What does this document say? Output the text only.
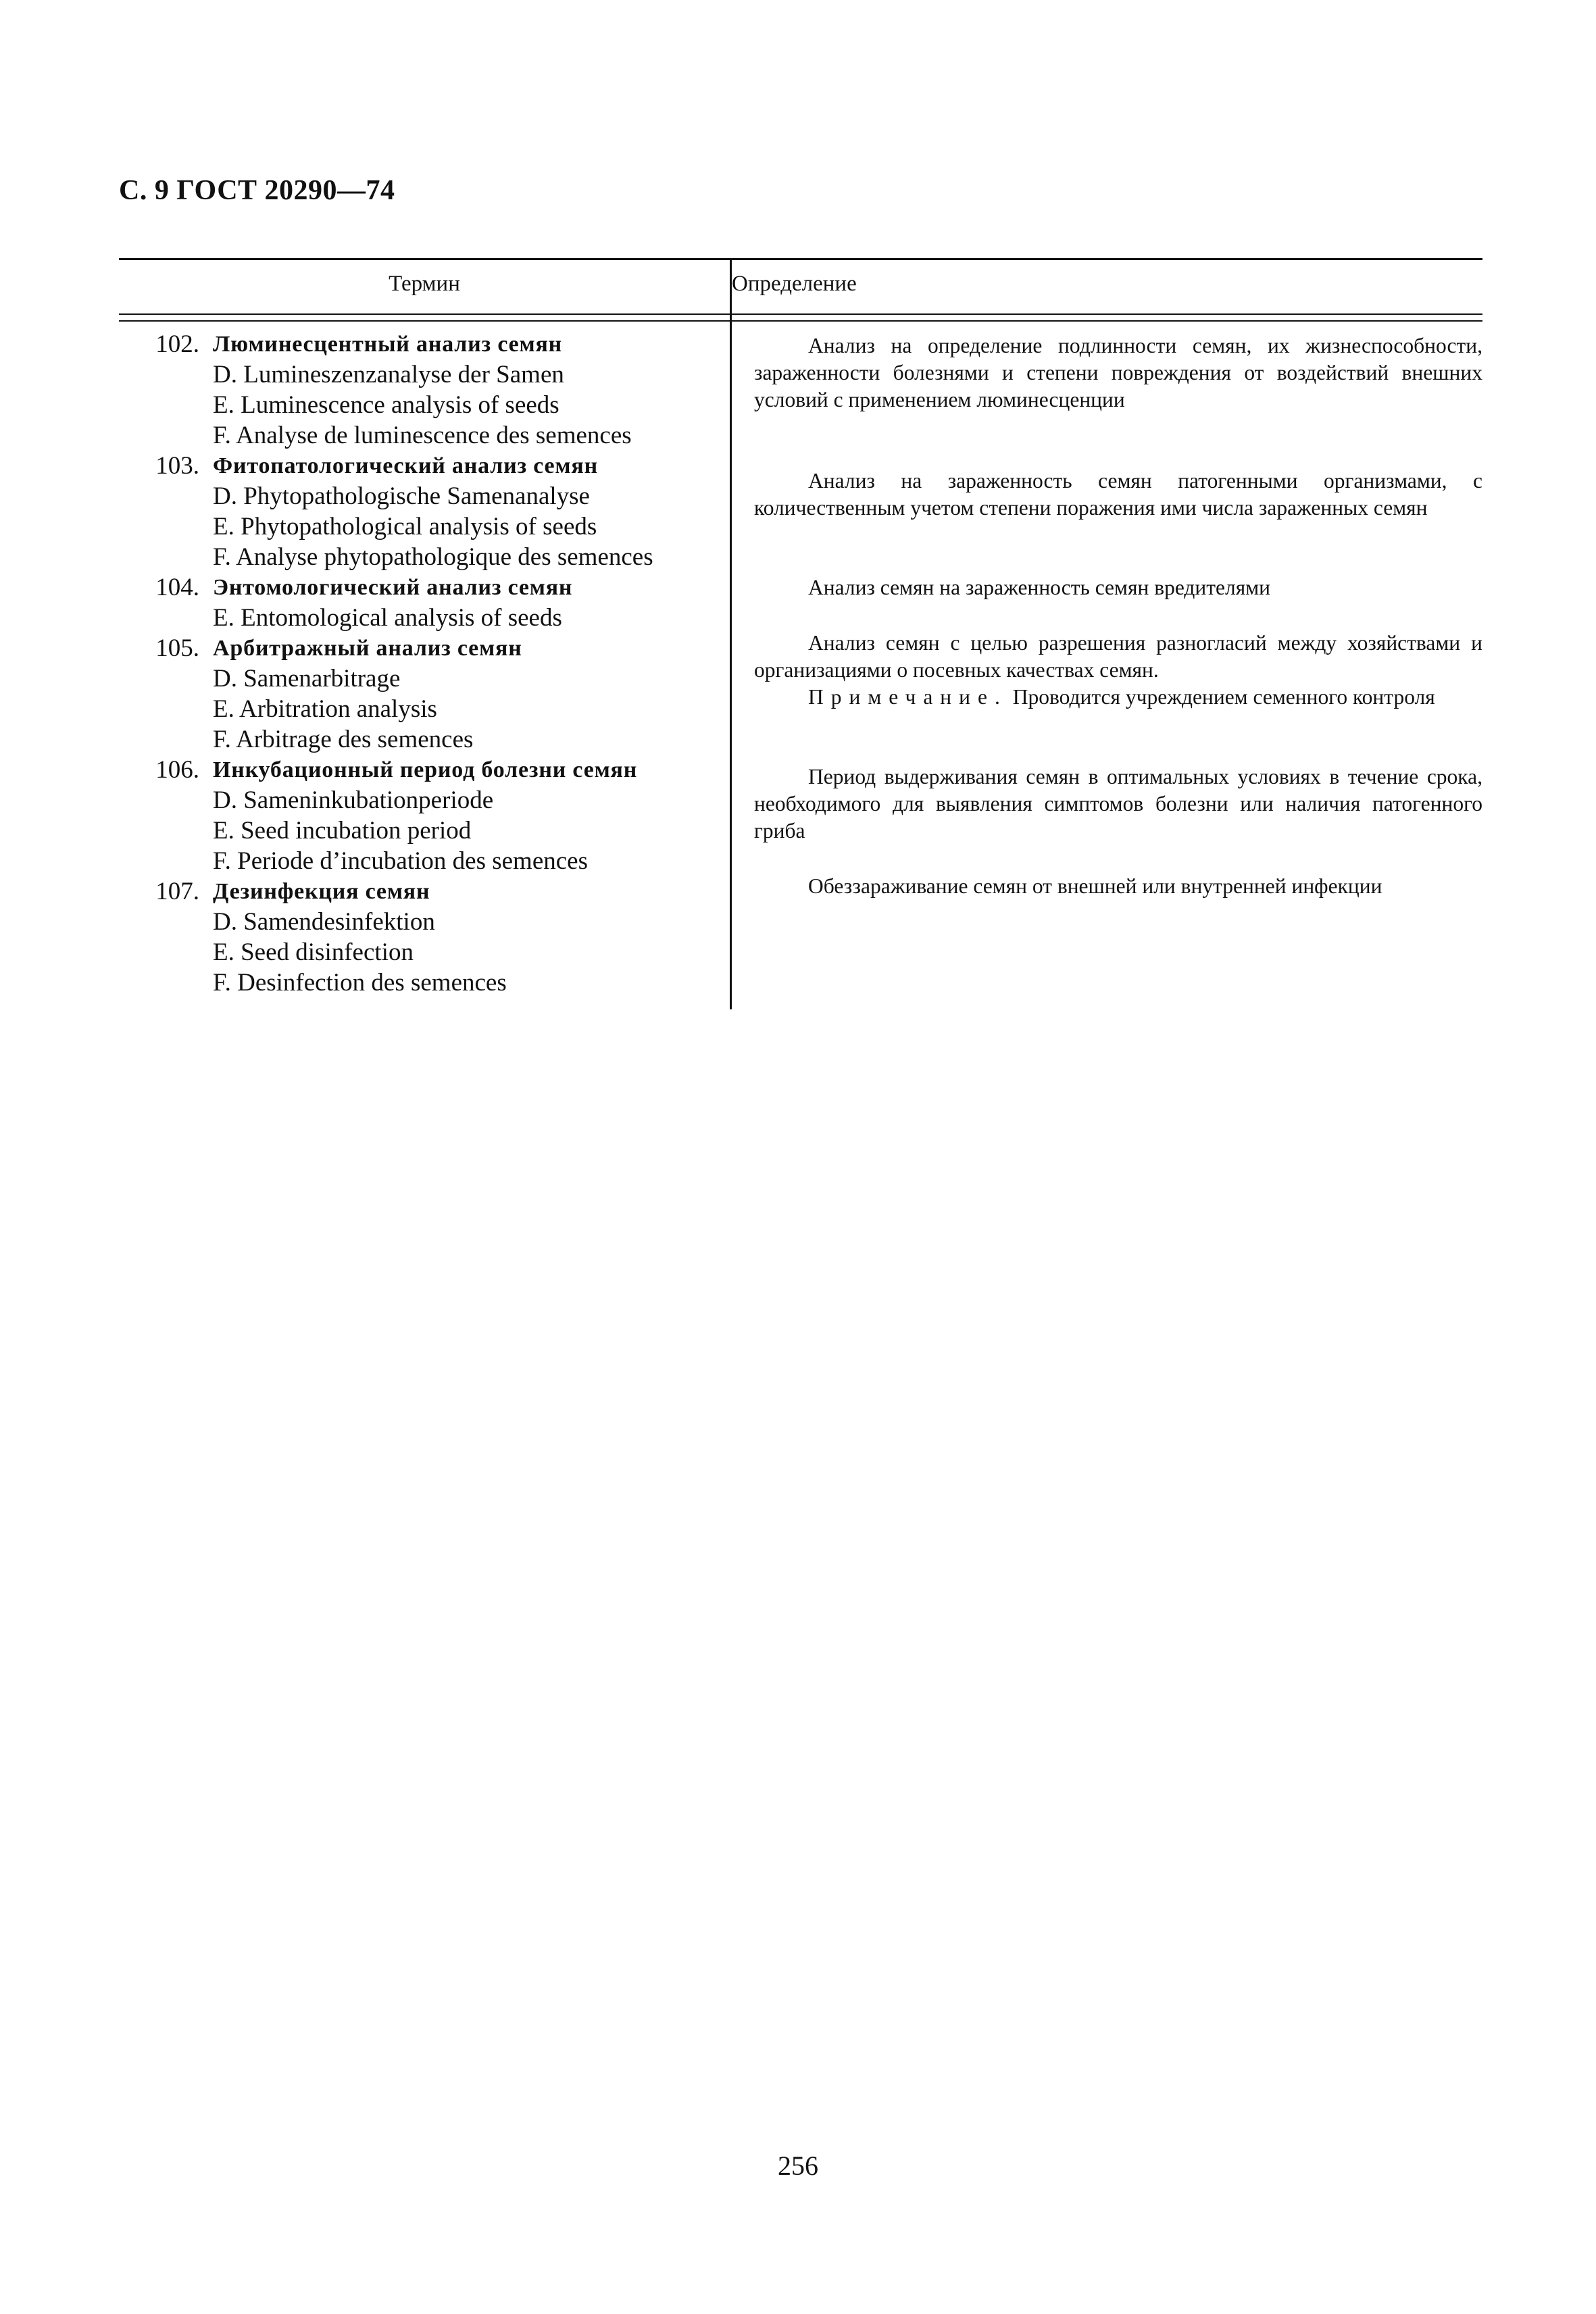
С. 9 ГОСТ 20290—74
Термин	Определение
102. Люминесцентный анализ семян
D. Lumineszenzanalyse der Samen
E. Luminescence analysis of seeds
F. Analyse de luminescence des semences
103. Фитопатологический анализ семян
D. Phytopathologische Samenanalyse
E. Phytopathological analysis of seeds
F. Analyse phytopathologique des semences
104. Энтомологический анализ семян
E. Entomological analysis of seeds
105. Арбитражный анализ семян
D. Samenarbitrage
E. Arbitration analysis
F. Arbitrage des semences
106. Инкубационный период болезни семян
D. Sameninkubationperiode
E. Seed incubation period
F. Periode d’incubation des semences
107. Дезинфекция семян
D. Samendesinfektion
E. Seed disinfection
F. Desinfection des semences

Анализ на определение подлинности семян, их жизнеспособности, зараженности болезнями и степени повреждения от воздействий внешних условий с применением люминесценции

Анализ на зараженность семян патогенными организмами, с количественным учетом степени поражения ими числа зараженных семян

Анализ семян на зараженность семян вредителями

Анализ семян с целью разрешения разногласий между хозяйствами и организациями о посевных качествах семян.

Примечание. Проводится учреждением семенного контроля

Период выдерживания семян в оптимальных условиях в течение срока, необходимого для выявления симптомов болезни или наличия патогенного гриба

Обеззараживание семян от внешней или внутренней инфекции

256
